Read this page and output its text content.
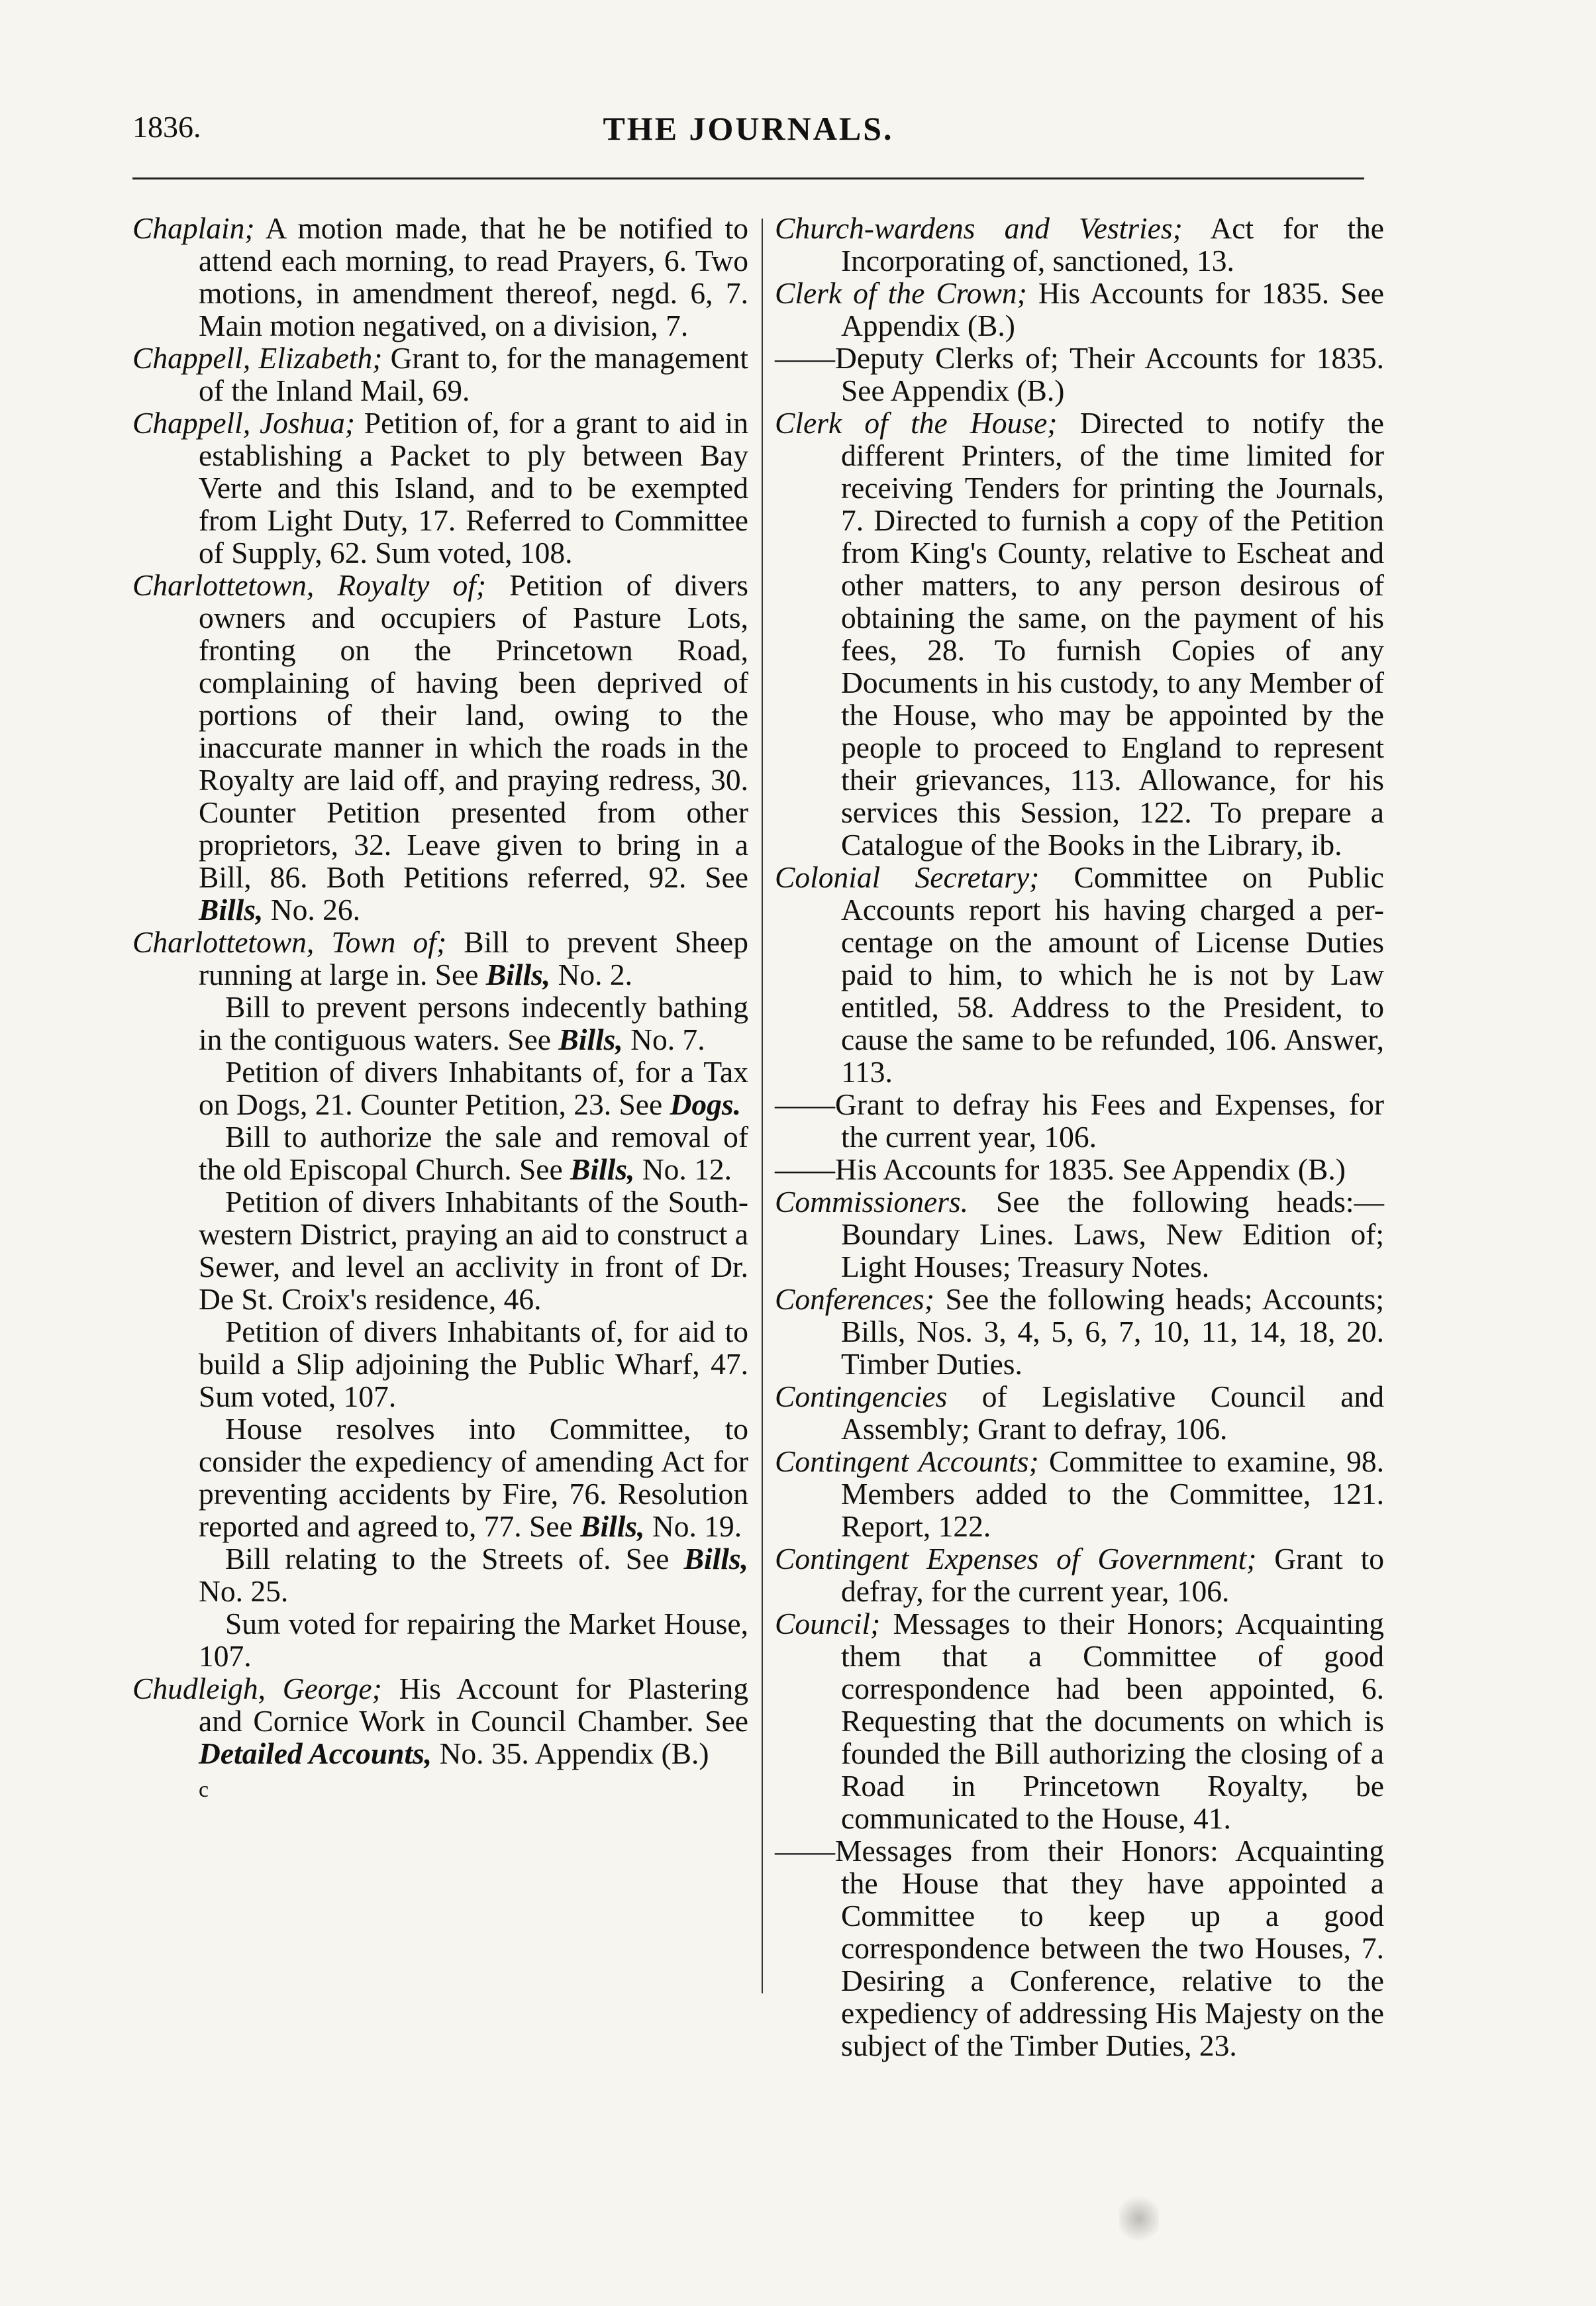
1836.	THE JOURNALS.

Chaplain; A motion made, that he be notified to attend each morning, to read Prayers, 6. Two motions, in amendment thereof, negd. 6, 7. Main motion negatived, on a division, 7.

Chappell, Elizabeth; Grant to, for the management of the Inland Mail, 69.

Chappell, Joshua; Petition of, for a grant to aid in establishing a Packet to ply between Bay Verte and this Island, and to be exempted from Light Duty, 17. Referred to Committee of Supply, 62. Sum voted, 108.

Charlottetown, Royalty of; Petition of divers owners and occupiers of Pasture Lots, fronting on the Princetown Road, complaining of having been deprived of portions of their land, owing to the inaccurate manner in which the roads in the Royalty are laid off, and praying redress, 30. Counter Petition presented from other proprietors, 32. Leave given to bring in a Bill, 86. Both Petitions referred, 92. See Bills, No. 26.

Charlottetown, Town of; Bill to prevent Sheep running at large in. See Bills, No. 2.

Bill to prevent persons indecently bathing in the contiguous waters. See Bills, No. 7.

Petition of divers Inhabitants of, for a Tax on Dogs, 21. Counter Petition, 23. See Dogs.

Bill to authorize the sale and removal of the old Episcopal Church. See Bills, No. 12.

Petition of divers Inhabitants of the South-western District, praying an aid to construct a Sewer, and level an acclivity in front of Dr. De St. Croix's residence, 46.

Petition of divers Inhabitants of, for aid to build a Slip adjoining the Public Wharf, 47. Sum voted, 107.

House resolves into Committee, to consider the expediency of amending Act for preventing accidents by Fire, 76. Resolution reported and agreed to, 77. See Bills, No. 19.

Bill relating to the Streets of. See Bills, No. 25.

Sum voted for repairing the Market House, 107.

Chudleigh, George; His Account for Plastering and Cornice Work in Council Chamber. See Detailed Accounts, No. 35. Appendix (B.)

c

Church-wardens and Vestries; Act for the Incorporating of, sanctioned, 13.

Clerk of the Crown; His Accounts for 1835. See Appendix (B.)

——Deputy Clerks of; Their Accounts for 1835. See Appendix (B.)

Clerk of the House; Directed to notify the different Printers, of the time limited for receiving Tenders for printing the Journals, 7. Directed to furnish a copy of the Petition from King's County, relative to Escheat and other matters, to any person desirous of obtaining the same, on the payment of his fees, 28. To furnish Copies of any Documents in his custody, to any Member of the House, who may be appointed by the people to proceed to England to represent their grievances, 113. Allowance, for his services this Session, 122. To prepare a Catalogue of the Books in the Library, ib.

Colonial Secretary; Committee on Public Accounts report his having charged a per-centage on the amount of License Duties paid to him, to which he is not by Law entitled, 58. Address to the President, to cause the same to be refunded, 106. Answer, 113.

——Grant to defray his Fees and Expenses, for the current year, 106.

——His Accounts for 1835. See Appendix (B.)

Commissioners. See the following heads:— Boundary Lines. Laws, New Edition of; Light Houses; Treasury Notes.

Conferences; See the following heads; Accounts; Bills, Nos. 3, 4, 5, 6, 7, 10, 11, 14, 18, 20. Timber Duties.

Contingencies of Legislative Council and Assembly; Grant to defray, 106.

Contingent Accounts; Committee to examine, 98. Members added to the Committee, 121. Report, 122.

Contingent Expenses of Government; Grant to defray, for the current year, 106.

Council; Messages to their Honors; Acquainting them that a Committee of good correspondence had been appointed, 6. Requesting that the documents on which is founded the Bill authorizing the closing of a Road in Princetown Royalty, be communicated to the House, 41.

——Messages from their Honors: Acquainting the House that they have appointed a Committee to keep up a good correspondence between the two Houses, 7. Desiring a Conference, relative to the expediency of addressing His Majesty on the subject of the Timber Duties, 23.
